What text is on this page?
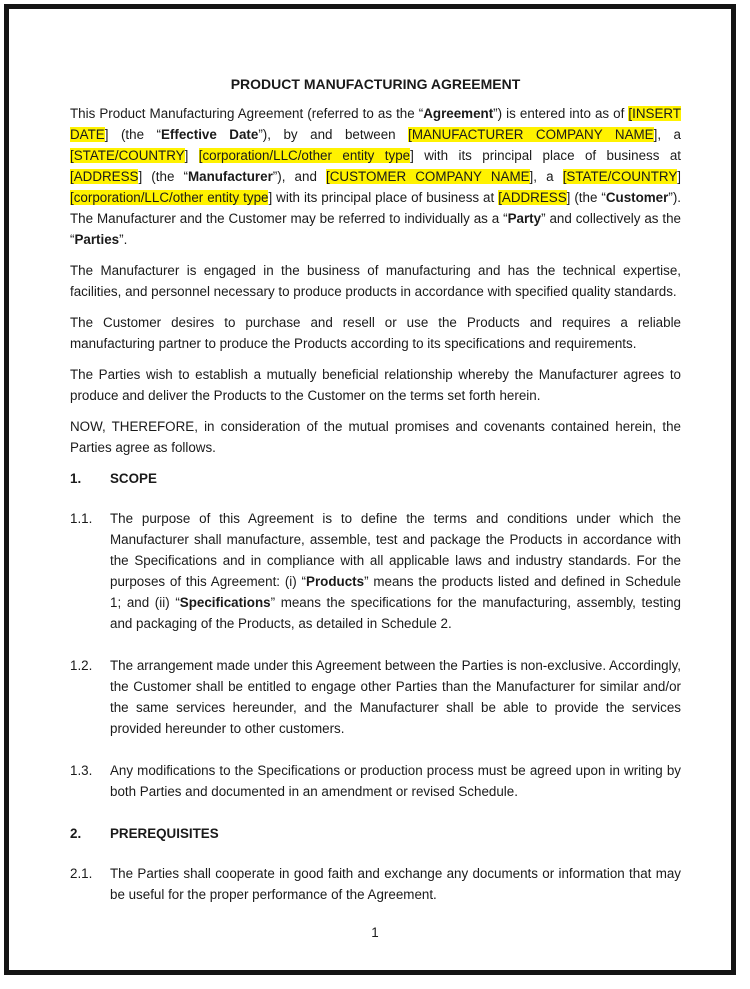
PRODUCT MANUFACTURING AGREEMENT

This Product Manufacturing Agreement (referred to as the “Agreement”) is entered into as of [INSERT DATE] (the “Effective Date”), by and between [MANUFACTURER COMPANY NAME], a [STATE/COUNTRY] [corporation/LLC/other entity type] with its principal place of business at [ADDRESS] (the “Manufacturer”), and [CUSTOMER COMPANY NAME], a [STATE/COUNTRY] [corporation/LLC/other entity type] with its principal place of business at [ADDRESS] (the “Customer”). The Manufacturer and the Customer may be referred to individually as a “Party” and collectively as the “Parties”.

The Manufacturer is engaged in the business of manufacturing and has the technical expertise, facilities, and personnel necessary to produce products in accordance with specified quality standards.

The Customer desires to purchase and resell or use the Products and requires a reliable manufacturing partner to produce the Products according to its specifications and requirements.

The Parties wish to establish a mutually beneficial relationship whereby the Manufacturer agrees to produce and deliver the Products to the Customer on the terms set forth herein.

NOW, THEREFORE, in consideration of the mutual promises and covenants contained herein, the Parties agree as follows.

1.	SCOPE
1.1.	The purpose of this Agreement is to define the terms and conditions under which the Manufacturer shall manufacture, assemble, test and package the Products in accordance with the Specifications and in compliance with all applicable laws and industry standards. For the purposes of this Agreement: (i) “Products” means the products listed and defined in Schedule 1; and (ii) “Specifications” means the specifications for the manufacturing, assembly, testing and packaging of the Products, as detailed in Schedule 2.
1.2.	The arrangement made under this Agreement between the Parties is non-exclusive. Accordingly, the Customer shall be entitled to engage other Parties than the Manufacturer for similar and/or the same services hereunder, and the Manufacturer shall be able to provide the services provided hereunder to other customers.
1.3.	Any modifications to the Specifications or production process must be agreed upon in writing by both Parties and documented in an amendment or revised Schedule.
2.	PREREQUISITES
2.1.	The Parties shall cooperate in good faith and exchange any documents or information that may be useful for the proper performance of the Agreement.
1
